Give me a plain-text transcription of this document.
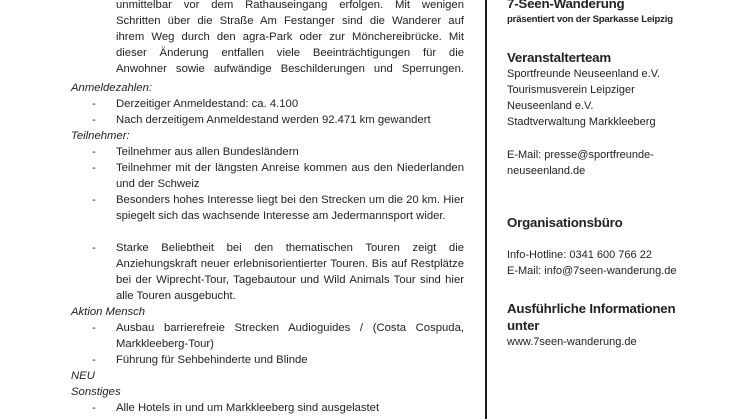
unmittelbar vor dem Rathauseingang erfolgen. Mit wenigen
Schritten über die Straße Am Festanger sind die Wanderer auf
ihrem Weg durch den agra-Park oder zur Mönchereibrücke. Mit
dieser Änderung entfallen viele Beeinträchtigungen für die
Anwohner sowie aufwändige Beschilderungen und Sperrungen.
Anmeldezahlen:
- Derzeitiger Anmeldestand: ca. 4.100
- Nach derzeitigem Anmeldestand werden 92.471 km gewandert
Teilnehmer:
- Teilnehmer aus allen Bundesländern
- Teilnehmer mit der längsten Anreise kommen aus den Niederlanden und der Schweiz
- Besonders hohes Interesse liegt bei den Strecken um die 20 km. Hier spiegelt sich das wachsende Interesse am Jedermannsport wider.
- Starke Beliebtheit bei den thematischen Touren zeigt die Anziehungskraft neuer erlebnisorientierter Touren. Bis auf Restplätze bei der Wiprecht-Tour, Tagebautour und Wild Animals Tour sind hier alle Touren ausgebucht.
Aktion Mensch
- Ausbau barrierefreie Strecken Audioguides / (Costa Cospuda, Markkleeberg-Tour)
- Führung für Sehbehinderte und Blinde
NEU
Sonstiges
- Alle Hotels in und um Markkleeberg sind ausgelastet
7-Seen-Wanderung
präsentiert von der Sparkasse Leipzig
Veranstalterteam
Sportfreunde Neuseenland e.V.
Tourismusverein Leipziger
Neuseenland e.V.
Stadtverwaltung Markkleeberg
E-Mail: presse@sportfreunde-
neuseenland.de
Organisationsbüro
Info-Hotline: 0341 600 766 22
E-Mail: info@7seen-wanderung.de
Ausführliche Informationen
unter
www.7seen-wanderung.de
